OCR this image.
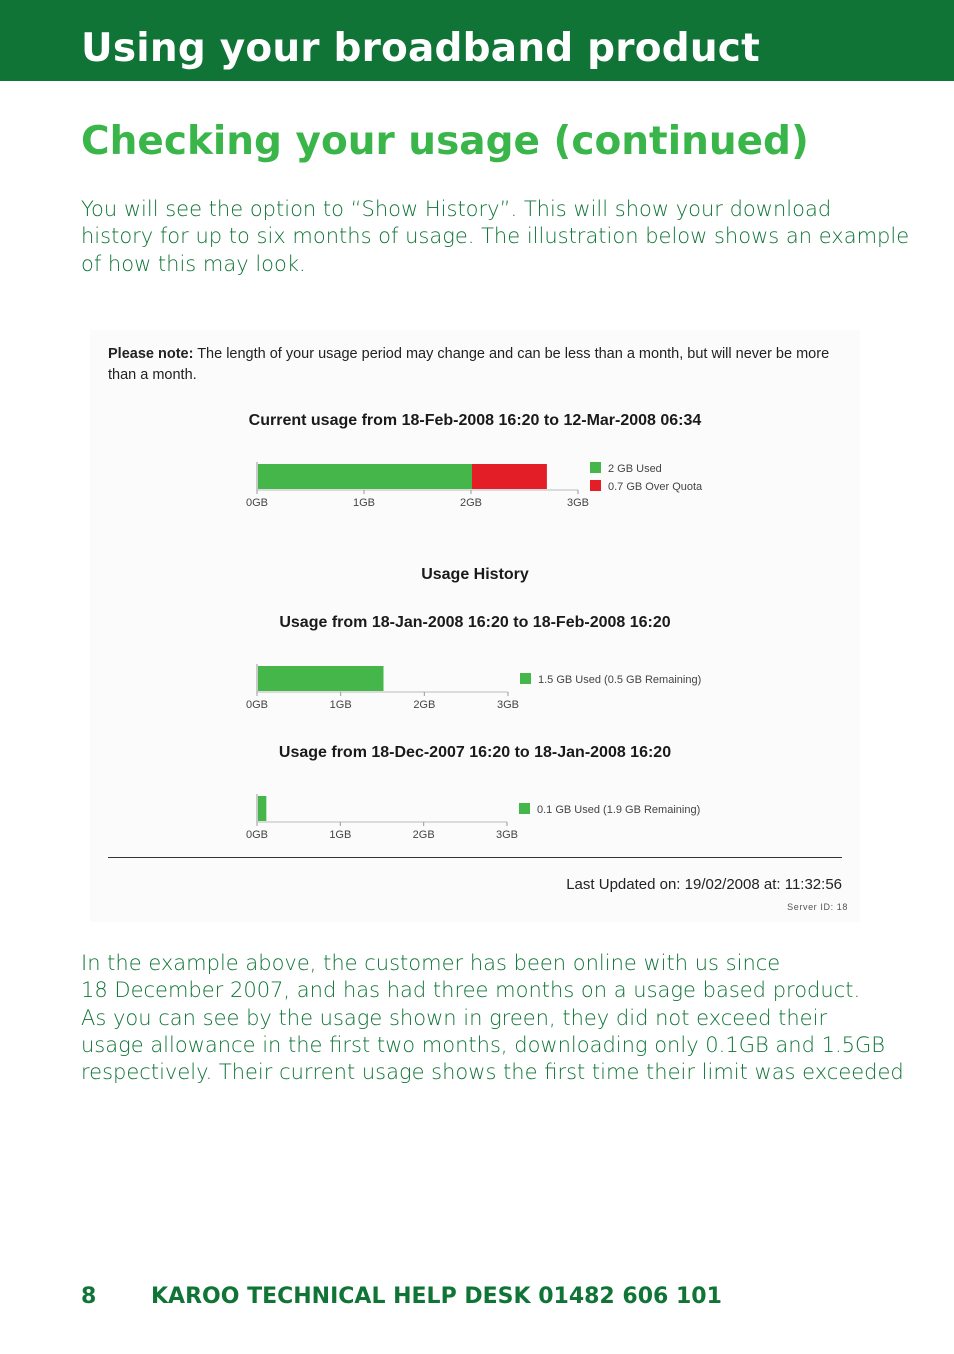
Using your broadband product
Checking your usage (continued)

You will see the option to “Show History”. This will show your download
history for up to six months of usage. The illustration below shows an example
of how this may look.

Please note: The length of your usage period may change and can be less than a month, but will never be more than a month.

Current usage from 18-Feb-2008 16:20 to 12-Mar-2008 06:34

Usage History

Usage from 18-Jan-2008 16:20 to 18-Feb-2008 16:20

Usage from 18-Dec-2007 16:20 to 18-Jan-2008 16:20

0GB	1GB	2GB	3GB
2 GB Used
0.7 GB Over Quota
0GB	1GB	2GB	3GB
1.5 GB Used (0.5 GB Remaining)
0GB	1GB	2GB	3GB
0.1 GB Used (1.9 GB Remaining)

Last Updated on: 19/02/2008 at: 11:32:56

Server ID: 18

In the example above, the customer has been online with us since
18 December 2007, and has had three months on a usage based product.
As you can see by the usage shown in green, they did not exceed their
usage allowance in the first two months, downloading only 0.1GB and 1.5GB
respectively. Their current usage shows the first time their limit was exceeded

8 KAROO TECHNICAL HELP DESK 01482 606 101
